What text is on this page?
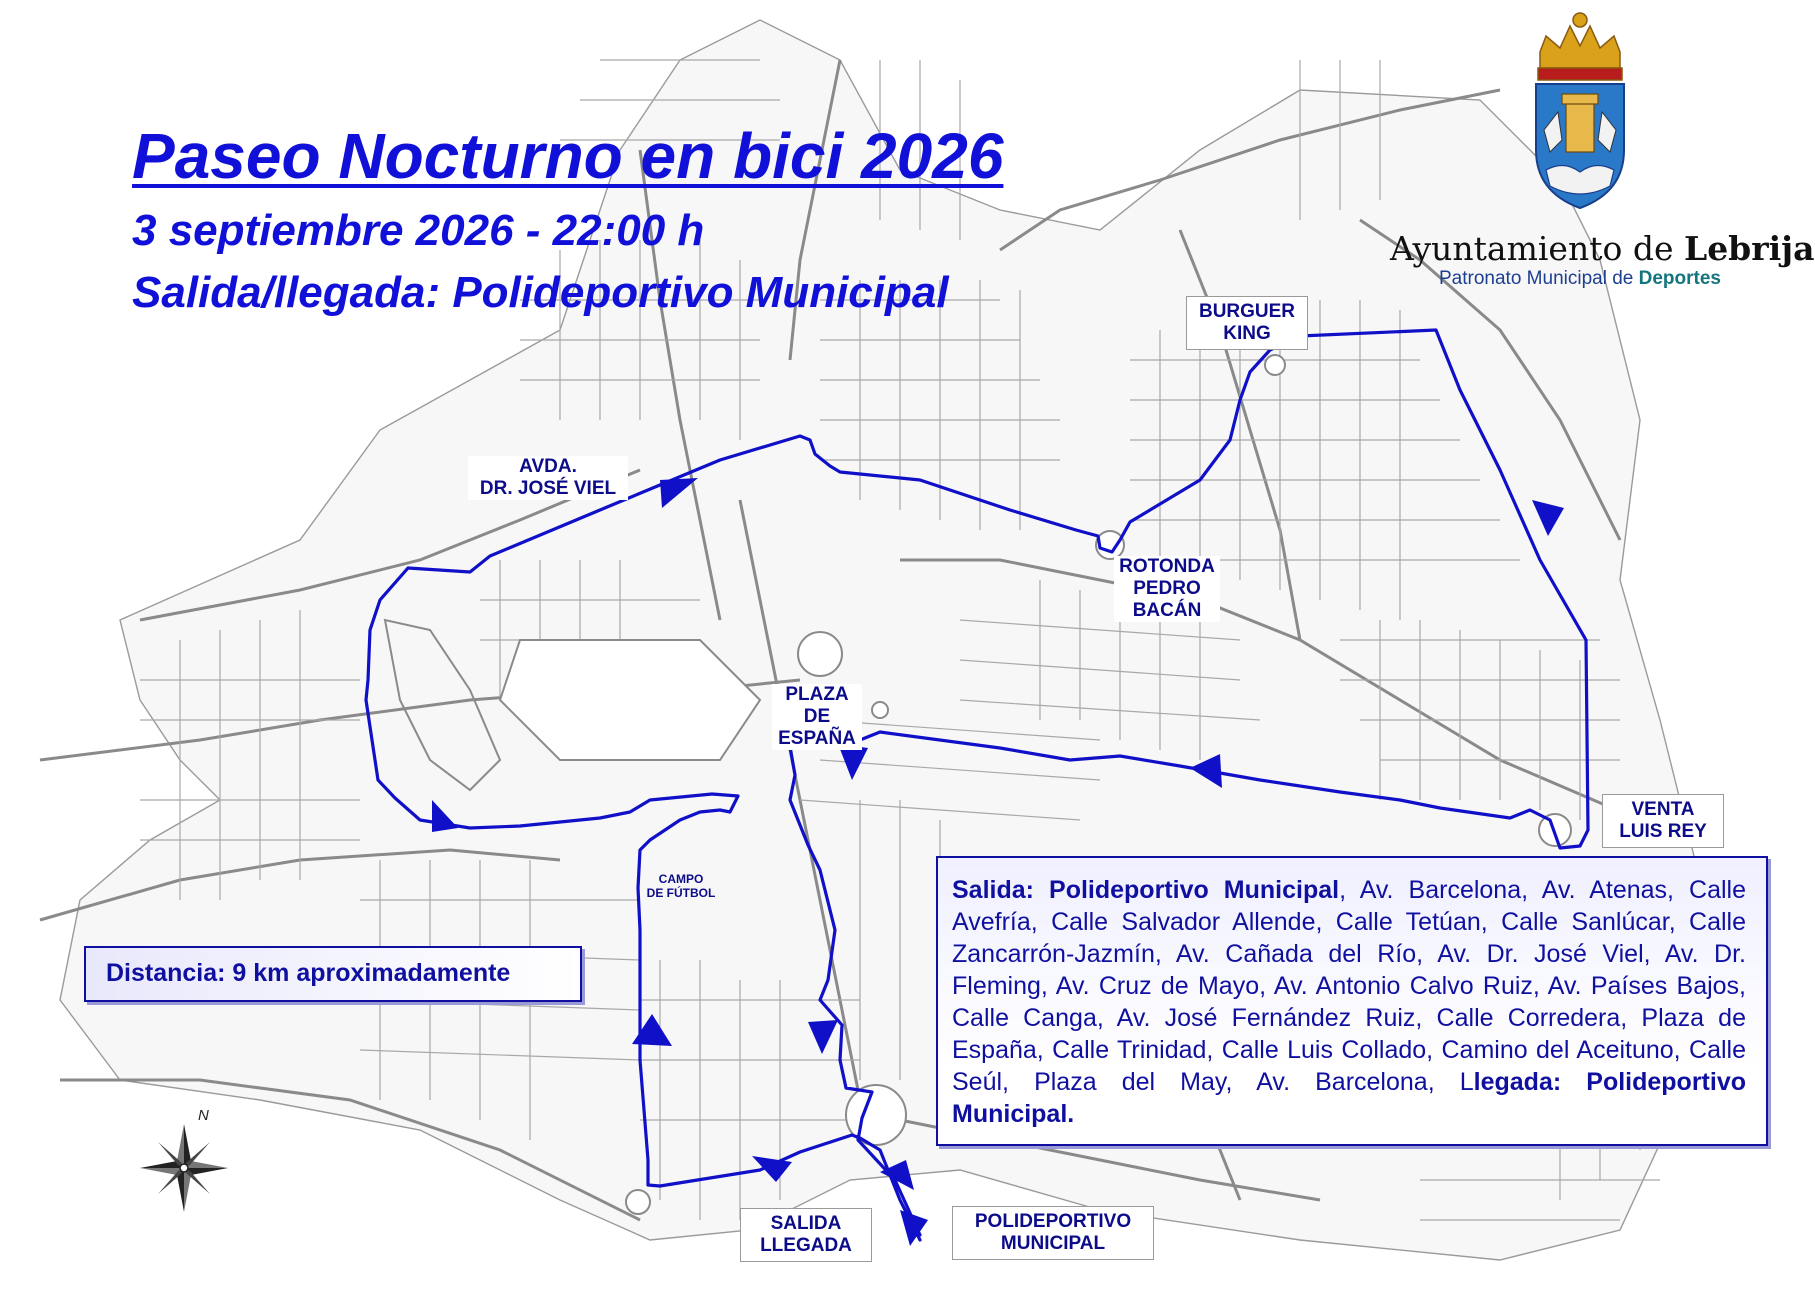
N
Paseo Nocturno en bici 2026
3 septiembre 2026 - 22:00 h
Salida/llegada: Polideportivo Municipal
Ayuntamiento de Lebrija
Patronato Municipal de Deportes
BURGUER
KING
AVDA.
DR. JOSÉ VIEL
ROTONDA
PEDRO
BACÁN
PLAZA
DE
ESPAÑA
CAMPO
DE FÚTBOL
VENTA
LUIS REY
SALIDA
LLEGADA
POLIDEPORTIVO
MUNICIPAL
Distancia: 9 km aproximadamente
Salida: Polideportivo Municipal, Av. Barcelona, Av. Atenas, Calle Avefría, Calle Salvador Allende, Calle Tetúan, Calle Sanlúcar, Calle Zancarrón-Jazmín, Av. Cañada del Río, Av. Dr. José Viel, Av. Dr. Fleming, Av. Cruz de Mayo, Av. Antonio Calvo Ruiz, Av. Países Bajos, Calle Canga, Av. José Fernández Ruiz, Calle Corredera, Plaza de España, Calle Trinidad, Calle Luis Collado, Camino del Aceituno, Calle Seúl, Plaza del May, Av. Barcelona, Llegada: Polideportivo Municipal.
